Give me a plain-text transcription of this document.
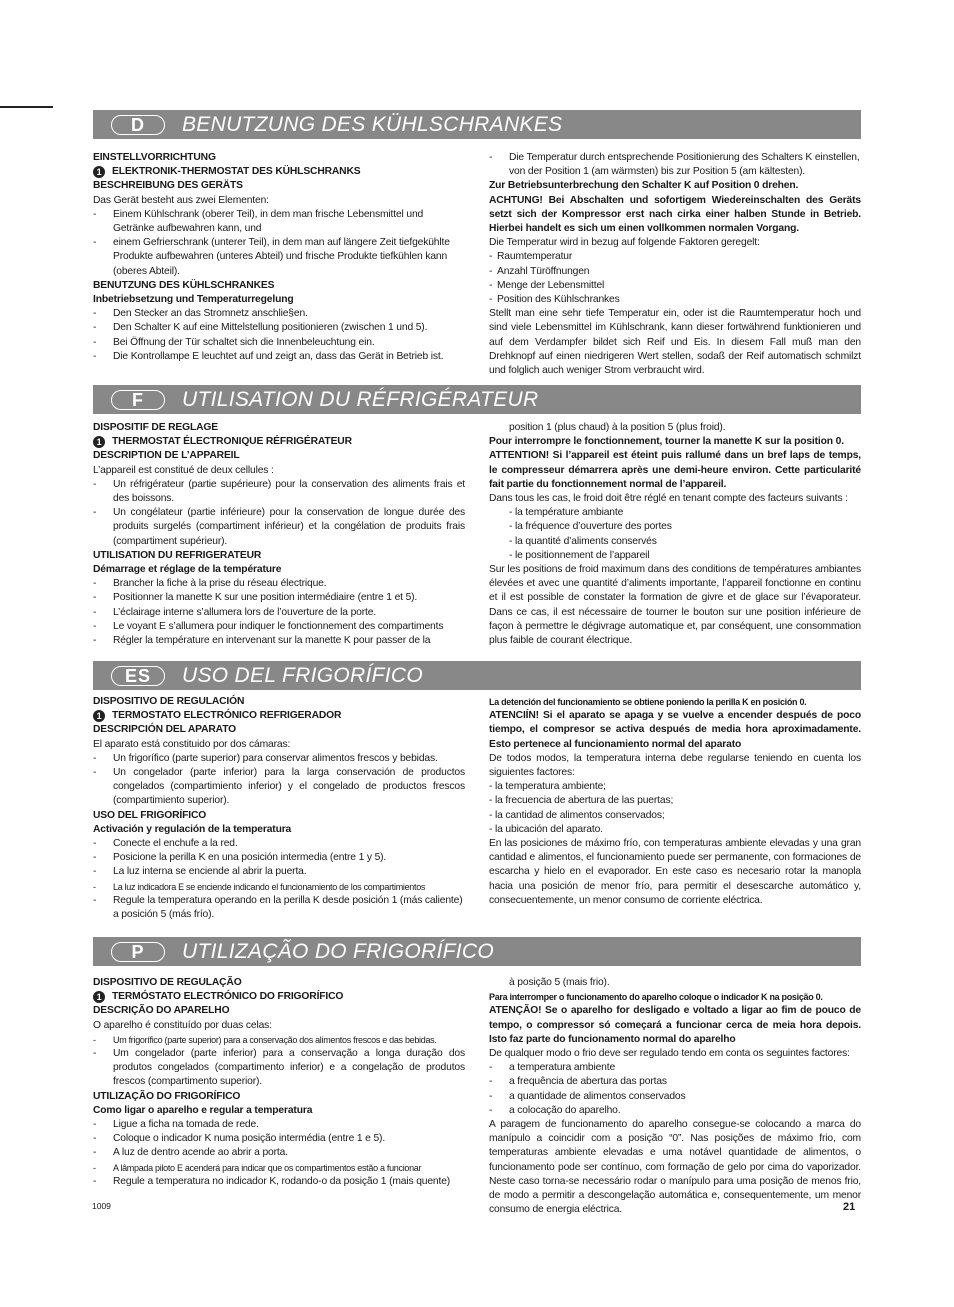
D	BENUTZUNG DES KÜHLSCHRANKES

EINSTELLVORRICHTUNG

1 ELEKTRONIK-THERMOSTAT DES KÜHLSCHRANKS

BESCHREIBUNG DES GERÄTS

Das Gerät besteht aus zwei Elementen:

- Einem Kühlschrank (oberer Teil), in dem man frische Lebensmittel und Getränke aufbewahren kann, und

- einem Gefrierschrank (unterer Teil), in dem man auf längere Zeit tiefgekühlte Produkte aufbewahren (unteres Abteil) und frische Produkte tiefkühlen kann (oberes Abteil).

BENUTZUNG DES KÜHLSCHRANKES

Inbetriebsetzung und Temperaturregelung

- Den Stecker an das Stromnetz anschlie§en.

- Den Schalter K auf eine Mittelstellung positionieren (zwischen 1 und 5).

- Bei Öffnung der Tür schaltet sich die Innenbeleuchtung ein.

- Die Kontrollampe E leuchtet auf und zeigt an, dass das Gerät in Betrieb ist.

- Die Temperatur durch entsprechende Positionierung des Schalters K einstellen, von der Position 1 (am wärmsten) bis zur Position 5 (am kältesten).

Zur Betriebsunterbrechung den Schalter K auf Position 0 drehen.

ACHTUNG! Bei Abschalten und sofortigem Wiedereinschalten des Geräts setzt sich der Kompressor erst nach cirka einer halben Stunde in Betrieb. Hierbei handelt es sich um einen vollkommen normalen Vorgang.

Die Temperatur wird in bezug auf folgende Faktoren geregelt:

- Raumtemperatur

- Anzahl Türöffnungen

- Menge der Lebensmittel

- Position des Kühlschrankes

Stellt man eine sehr tiefe Temperatur ein, oder ist die Raumtemperatur hoch und sind viele Lebensmittel im Kühlschrank, kann dieser fortwährend funktionieren und auf dem Verdampfer bildet sich Reif und Eis. In diesem Fall muß man den Drehknopf auf einen niedrigeren Wert stellen, sodaß der Reif automatisch schmilzt und folglich auch weniger Strom verbraucht wird.

F	UTILISATION DU RÉFRIGÉRATEUR

DISPOSITIF DE REGLAGE

1 THERMOSTAT ÉLECTRONIQUE RÉFRIGÉRATEUR

DESCRIPTION DE L’APPAREIL

L’appareil est constitué de deux cellules :

- Un réfrigérateur (partie supérieure) pour la conservation des aliments frais et des boissons.

- Un congélateur (partie inférieure) pour la conservation de longue durée des produits surgelés (compartiment inférieur) et la congélation de produits frais (compartiment supérieur).

UTILISATION DU REFRIGERATEUR

Démarrage et réglage de la température

- Brancher la fiche à la prise du réseau électrique.

- Positionner la manette K sur une position intermédiaire (entre 1 et 5).

- L’éclairage interne s’allumera lors de l’ouverture de la porte.

- Le voyant E s’allumera pour indiquer le fonctionnement des compartiments

- Régler la température en intervenant sur la manette K pour passer de la

position 1 (plus chaud) à la position 5 (plus froid).

Pour interrompre le fonctionnement, tourner la manette K sur la position 0.

ATTENTION! Si l’appareil est éteint puis rallumé dans un bref laps de temps, le compresseur démarrera après une demi-heure environ. Cette particularité fait partie du fonctionnement normal de l’appareil.

Dans tous les cas, le froid doit être réglé en tenant compte des facteurs suivants :

- la température ambiante

- la fréquence d’ouverture des portes

- la quantité d’aliments conservés

- le positionnement de l’appareil

Sur les positions de froid maximum dans des conditions de températures ambiantes élevées et avec une quantité d’aliments importante, l’appareil fonctionne en continu et il est possible de constater la formation de givre et de glace sur l’évaporateur. Dans ce cas, il est nécessaire de tourner le bouton sur une position inférieure de façon à permettre le dégivrage automatique et, par conséquent, une consommation plus faible de courant électrique.

ES	USO DEL FRIGORÍFICO

DISPOSITIVO DE REGULACIÓN

1 TERMOSTATO ELECTRÓNICO REFRIGERADOR

DESCRIPCIÓN DEL APARATO

El aparato está constituido por dos cámaras:

- Un frigorífico (parte superior) para conservar alimentos frescos y bebidas.

- Un congelador (parte inferior) para la larga conservación de productos congelados (compartimiento inferior) y el congelado de productos frescos (compartimiento superior).

USO DEL FRIGORÍFICO

Activación y regulación de la temperatura

- Conecte el enchufe a la red.

- Posicione la perilla K en una posición intermedia (entre 1 y 5).

- La luz interna se enciende al abrir la puerta.

- La luz indicadora E se enciende indicando el funcionamiento de los compartimientos

- Regule la temperatura operando en la perilla K desde posición 1 (más caliente) a posición 5 (más frío).

La detención del funcionamiento se obtiene poniendo la perilla K en posición 0.

ATENCIÍN! Si el aparato se apaga y se vuelve a encender después de poco tiempo, el compresor se activa después de media hora aproximadamente. Esto pertenece al funcionamiento normal del aparato

De todos modos, la temperatura interna debe regularse teniendo en cuenta los siguientes factores:

- la temperatura ambiente;

- la frecuencia de abertura de las puertas;

- la cantidad de alimentos conservados;

- la ubicación del aparato.

En las posiciones de máximo frío, con temperaturas ambiente elevadas y una gran cantidad e alimentos, el funcionamiento puede ser permanente, con formaciones de escarcha y hielo en el evaporador. En este caso es necesario rotar la manopla hacia una posición de menor frío, para permitir el desescarche automático y, consecuentemente, un menor consumo de corriente eléctrica.

P	UTILIZAÇÃO DO FRIGORÍFICO

DISPOSITIVO DE REGULAÇÃO

1 TERMÓSTATO ELECTRÓNICO DO FRIGORÍFICO

DESCRIÇÃO DO APARELHO

O aparelho é constituído por duas celas:

- Um frigorífico (parte superior) para a conservação dos alimentos frescos e das bebidas.

- Um congelador (parte inferior) para a conservação a longa duração dos produtos congelados (compartimento inferior) e a congelação de produtos frescos (compartimento superior).

UTILIZAÇÃO DO FRIGORÍFICO

Como ligar o aparelho e regular a temperatura

- Ligue a ficha na tomada de rede.

- Coloque o indicador K numa posição intermédia (entre 1 e 5).

- A luz de dentro acende ao abrir a porta.

- A lâmpada piloto E acenderá para indicar que os compartimentos estão a funcionar

- Regule a temperatura no indicador K, rodando-o da posição 1 (mais quente)

à posição 5 (mais frio).

Para interromper o funcionamento do aparelho coloque o indicador K na posição 0.

ATENÇÃO! Se o aparelho for desligado e voltado a ligar ao fim de pouco de tempo, o compressor só começará a funcionar cerca de meia hora depois. Isto faz parte do funcionamento normal do aparelho

De qualquer modo o frio deve ser regulado tendo em conta os seguintes factores:

- a temperatura ambiente

- a frequência de abertura das portas

- a quantidade de alimentos conservados

- a colocação do aparelho.

A paragem de funcionamento do aparelho consegue-se colocando a marca do manípulo a coincidir com a posição “0”. Nas posições de máximo frio, com temperaturas ambiente elevadas e uma notável quantidade de alimentos, o funcionamento pode ser contínuo, com formação de gelo por cima do vaporizador. Neste caso torna-se necessário rodar o manípulo para uma posição de menos frio, de modo a permitir a descongelação automática e, consequentemente, um menor consumo de energia eléctrica.

1009	21
